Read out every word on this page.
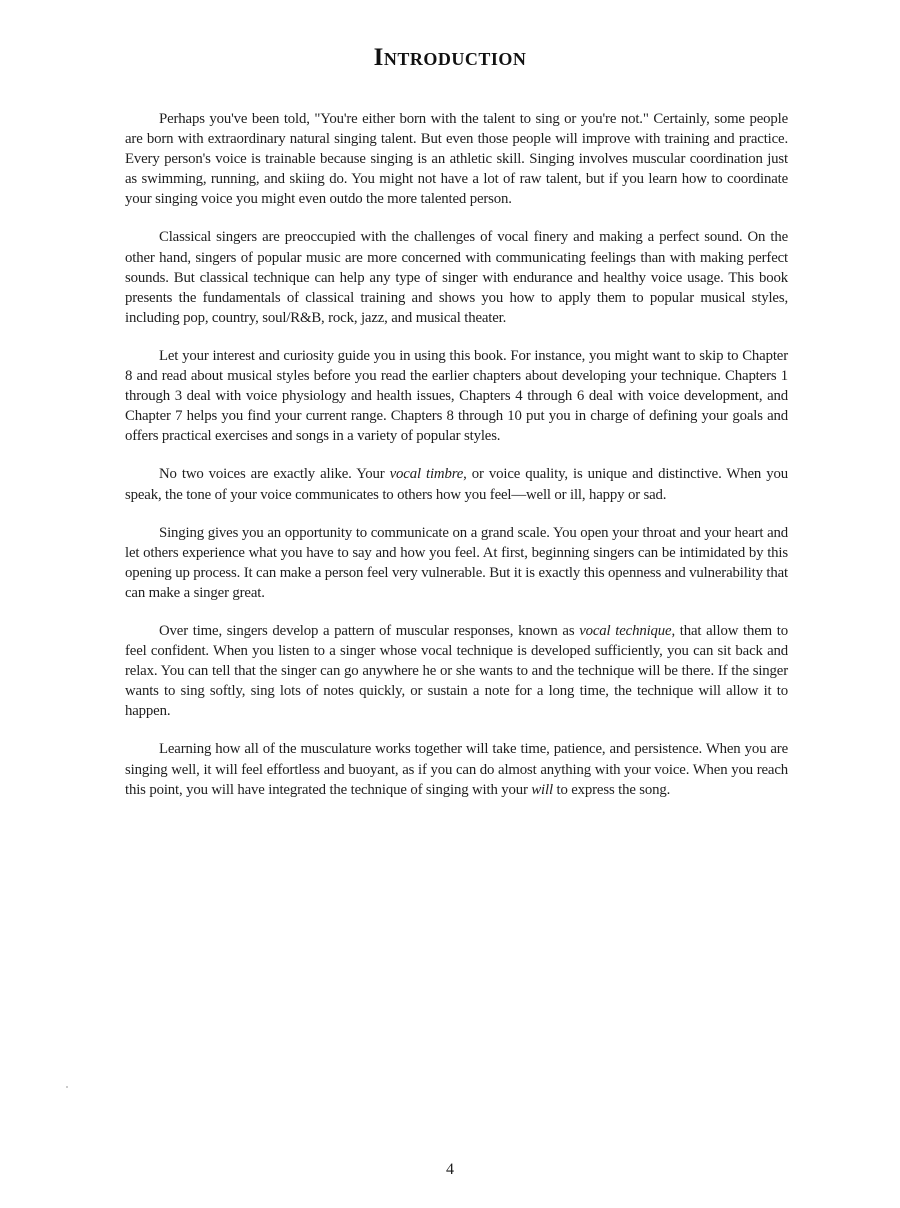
Introduction

Perhaps you've been told, "You're either born with the talent to sing or you're not." Certainly, some people are born with extraordinary natural singing talent. But even those people will improve with training and practice. Every person's voice is trainable because singing is an athletic skill. Singing involves muscular coordination just as swimming, running, and skiing do. You might not have a lot of raw talent, but if you learn how to coordinate your singing voice you might even outdo the more talented person.

Classical singers are preoccupied with the challenges of vocal finery and making a perfect sound. On the other hand, singers of popular music are more concerned with communicating feelings than with making perfect sounds. But classical technique can help any type of singer with endurance and healthy voice usage. This book presents the fundamentals of classical training and shows you how to apply them to popular musical styles, including pop, country, soul/R&B, rock, jazz, and musical theater.

Let your interest and curiosity guide you in using this book. For instance, you might want to skip to Chapter 8 and read about musical styles before you read the earlier chapters about developing your technique. Chapters 1 through 3 deal with voice physiology and health issues, Chapters 4 through 6 deal with voice development, and Chapter 7 helps you find your current range. Chapters 8 through 10 put you in charge of defining your goals and offers practical exercises and songs in a variety of popular styles.

No two voices are exactly alike. Your vocal timbre, or voice quality, is unique and distinctive. When you speak, the tone of your voice communicates to others how you feel—well or ill, happy or sad.

Singing gives you an opportunity to communicate on a grand scale. You open your throat and your heart and let others experience what you have to say and how you feel. At first, beginning singers can be intimidated by this opening up process. It can make a person feel very vulnerable. But it is exactly this openness and vulnerability that can make a singer great.

Over time, singers develop a pattern of muscular responses, known as vocal technique, that allow them to feel confident. When you listen to a singer whose vocal technique is developed sufficiently, you can sit back and relax. You can tell that the singer can go anywhere he or she wants to and the technique will be there. If the singer wants to sing softly, sing lots of notes quickly, or sustain a note for a long time, the technique will allow it to happen.

Learning how all of the musculature works together will take time, patience, and persistence. When you are singing well, it will feel effortless and buoyant, as if you can do almost anything with your voice. When you reach this point, you will have integrated the technique of singing with your will to express the song.

4
